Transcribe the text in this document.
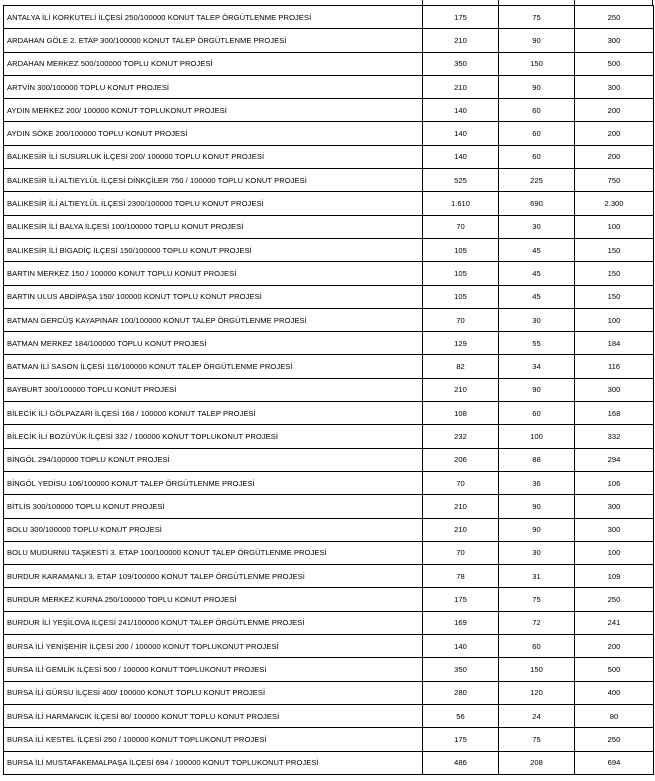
ANTALYA İLİ KORKUTELİ İLÇESİ 250/100000 KONUT TALEP ÖRGÜTLENME PROJESİ	175	75	250
ARDAHAN GÖLE 2. ETAP 300/100000 KONUT TALEP ÖRGÜTLENME PROJESİ	210	90	300
ARDAHAN MERKEZ 500/100000 TOPLU KONUT PROJESİ	350	150	500
ARTVİN 300/100000 TOPLU KONUT PROJESİ	210	90	300
AYDIN MERKEZ 200/ 100000 KONUT TOPLUKONUT PROJESİ	140	60	200
AYDIN SÖKE 200/100000 TOPLU KONUT PROJESİ	140	60	200
BALIKESİR İLİ SUSURLUK İLÇESİ 200/ 100000 TOPLU KONUT PROJESİ	140	60	200
BALIKESİR İLİ ALTIEYLÜL İLÇESİ DİNKÇİLER 750 / 100000 TOPLU KONUT PROJESİ	525	225	750
BALIKESİR İLİ ALTIEYLÜL İLÇESİ 2300/100000 TOPLU KONUT PROJESİ	1.610	690	2.300
BALIKESİR İLİ BALYA İLÇESİ 100/100000 TOPLU KONUT PROJESİ	70	30	100
BALIKESİR İLİ BİGADİÇ İLÇESİ 150/100000 TOPLU KONUT PROJESİ	105	45	150
BARTIN MERKEZ 150 / 100000 KONUT TOPLU KONUT PROJESİ	105	45	150
BARTIN ULUS ABDİPAŞA 150/ 100000 KONUT TOPLU KONUT PROJESİ	105	45	150
BATMAN GERCÜŞ KAYAPINAR 100/100000 KONUT TALEP ÖRGÜTLENME PROJESİ	70	30	100
BATMAN MERKEZ 184/100000 TOPLU KONUT PROJESİ	129	55	184
BATMAN İLİ SASON İLÇESİ 116/100000 KONUT TALEP ÖRGÜTLENME PROJESİ	82	34	116
BAYBURT 300/100000 TOPLU KONUT PROJESİ	210	90	300
BİLECİK İLİ GÖLPAZARI İLÇESİ 168 / 100000 KONUT TALEP PROJESİ	108	60	168
BİLECİK İLİ BOZÜYÜK İLÇESİ 332 / 100000 KONUT TOPLUKONUT PROJESİ	232	100	332
BİNGÖL 294/100000 TOPLU KONUT PROJESİ	206	88	294
BİNGÖL YEDİSU 106/100000 KONUT TALEP ÖRGÜTLENME PROJESİ	70	36	106
BİTLİS 300/100000 TOPLU KONUT PROJESİ	210	90	300
BOLU 300/100000 TOPLU KONUT PROJESİ	210	90	300
BOLU MUDURNU TAŞKESTİ 3. ETAP 100/100000 KONUT TALEP ÖRGÜTLENME PROJESİ	70	30	100
BURDUR KARAMANLI 3. ETAP 109/100000 KONUT TALEP ÖRGÜTLENME PROJESİ	78	31	109
BURDUR MERKEZ KURNA 250/100000 TOPLU KONUT PROJESİ	175	75	250
BURDUR İLİ YEŞİLOVA İLÇESİ 241/100000 KONUT TALEP ÖRGÜTLENME PROJESİ	169	72	241
BURSA İLİ YENİŞEHİR İLÇESİ 200 / 100000 KONUT TOPLUKONUT PROJESİ	140	60	200
BURSA İLİ GEMLİK İLÇESİ 500 / 100000 KONUT TOPLUKONUT PROJESİ	350	150	500
BURSA İLİ GÜRSU İLÇESİ 400/ 100000 KONUT TOPLU KONUT PROJESİ	280	120	400
BURSA İLİ HARMANCIK İLÇESİ 80/ 100000 KONUT TOPLU KONUT PROJESİ	56	24	80
BURSA İLİ KESTEL İLÇESİ 250 / 100000 KONUT TOPLUKONUT PROJESİ	175	75	250
BURSA İLİ MUSTAFAKEMALPAŞA İLÇESİ 694 / 100000 KONUT TOPLUKONUT PROJESİ	486	208	694
